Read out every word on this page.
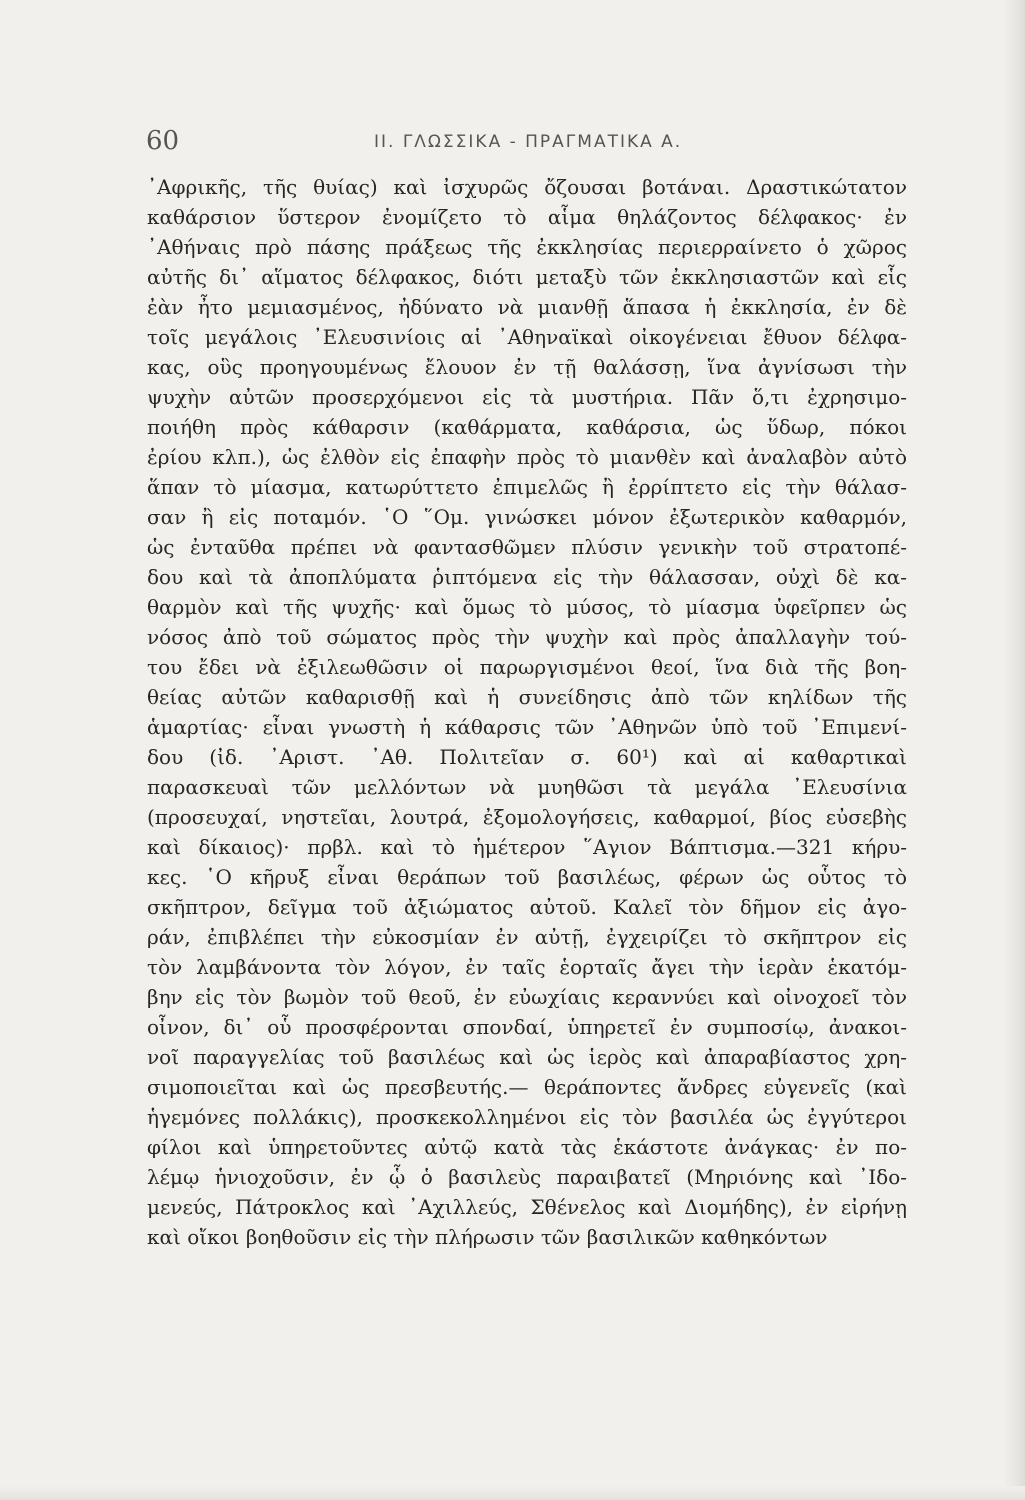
60	II. ΓΛΩΣΣΙΚΑ - ΠΡΑΓΜΑΤΙΚΑ Α.
᾿Αφρικῆς, τῆς θυίας) καὶ ἰσχυρῶς ὄζουσαι βοτάναι. Δραστικώτατον
καθάρσιον ὕστερον ἐνομίζετο τὸ αἷμα θηλάζοντος δέλφακος· ἐν
᾿Αθήναις πρὸ πάσης πράξεως τῆς ἐκκλησίας περιερραίνετο ὁ χῶρος
αὐτῆς δι᾿ αἵματος δέλφακος, διότι μεταξὺ τῶν ἐκκλησιαστῶν καὶ εἷς
ἐὰν ἦτο μεμιασμένος, ἠδύνατο νὰ μιανθῇ ἅπασα ἡ ἐκκλησία, ἐν δὲ
τοῖς μεγάλοις ᾿Ελευσινίοις αἱ ᾿Αθηναϊκαὶ οἰκογένειαι ἔθυον δέλφα-
κας, οὓς προηγουμένως ἔλουον ἐν τῇ θαλάσσῃ, ἵνα ἀγνίσωσι τὴν
ψυχὴν αὐτῶν προσερχόμενοι εἰς τὰ μυστήρια. Πᾶν ὅ,τι ἐχρησιμο-
ποιήθη πρὸς κάθαρσιν (καθάρματα, καθάρσια, ὡς ὕδωρ, πόκοι
ἐρίου κλπ.), ὡς ἐλθὸν εἰς ἐπαφὴν πρὸς τὸ μιανθὲν καὶ ἀναλαβὸν αὐτὸ
ἅπαν τὸ μίασμα, κατωρύττετο ἐπιμελῶς ἢ ἐρρίπτετο εἰς τὴν θάλασ-
σαν ἢ εἰς ποταμόν. ῾Ο ῞Ομ. γινώσκει μόνον ἐξωτερικὸν καθαρμόν,
ὡς ἐνταῦθα πρέπει νὰ φαντασθῶμεν πλύσιν γενικὴν τοῦ στρατοπέ-
δου καὶ τὰ ἀποπλύματα ῥιπτόμενα εἰς τὴν θάλασσαν, οὐχὶ δὲ κα-
θαρμὸν καὶ τῆς ψυχῆς· καὶ ὅμως τὸ μύσος, τὸ μίασμα ὑφεῖρπεν ὡς
νόσος ἀπὸ τοῦ σώματος πρὸς τὴν ψυχὴν καὶ πρὸς ἀπαλλαγὴν τού-
του ἔδει νὰ ἐξιλεωθῶσιν οἱ παρωργισμένοι θεοί, ἵνα διὰ τῆς βοη-
θείας αὐτῶν καθαρισθῇ καὶ ἡ συνείδησις ἀπὸ τῶν κηλίδων τῆς
ἁμαρτίας· εἶναι γνωστὴ ἡ κάθαρσις τῶν ᾿Αθηνῶν ὑπὸ τοῦ ᾿Επιμενί-
δου (ἰδ. ᾿Αριστ. ᾿Αθ. Πολιτεῖαν σ. 60¹) καὶ αἱ καθαρτικαὶ
παρασκευαὶ τῶν μελλόντων νὰ μυηθῶσι τὰ μεγάλα ᾿Ελευσίνια
(προσευχαί, νηστεῖαι, λουτρά, ἐξομολογήσεις, καθαρμοί, βίος εὐσεβὴς
καὶ δίκαιος)· πρβλ. καὶ τὸ ἡμέτερον ῞Αγιον Βάπτισμα.—321 κήρυ-
κες. ῾Ο κῆρυξ εἶναι θεράπων τοῦ βασιλέως, φέρων ὡς οὗτος τὸ
σκῆπτρον, δεῖγμα τοῦ ἀξιώματος αὐτοῦ. Καλεῖ τὸν δῆμον εἰς ἀγο-
ράν, ἐπιβλέπει τὴν εὐκοσμίαν ἐν αὐτῇ, ἐγχειρίζει τὸ σκῆπτρον εἰς
τὸν λαμβάνοντα τὸν λόγον, ἐν ταῖς ἑορταῖς ἄγει τὴν ἱερὰν ἑκατόμ-
βην εἰς τὸν βωμὸν τοῦ θεοῦ, ἐν εὐωχίαις κεραννύει καὶ οἰνοχοεῖ τὸν
οἶνον, δι᾿ οὗ προσφέρονται σπονδαί, ὑπηρετεῖ ἐν συμποσίῳ, ἀνακοι-
νοῖ παραγγελίας τοῦ βασιλέως καὶ ὡς ἱερὸς καὶ ἀπαραβίαστος χρη-
σιμοποιεῖται καὶ ὡς πρεσβευτής.— θεράποντες ἄνδρες εὐγενεῖς (καὶ
ἡγεμόνες πολλάκις), προσκεκολλημένοι εἰς τὸν βασιλέα ὡς ἐγγύτεροι
φίλοι καὶ ὑπηρετοῦντες αὐτῷ κατὰ τὰς ἑκάστοτε ἀνάγκας· ἐν πο-
λέμῳ ἡνιοχοῦσιν, ἐν ᾧ ὁ βασιλεὺς παραιβατεῖ (Μηριόνης καὶ ᾿Ιδο-
μενεύς, Πάτροκλος καὶ ᾿Αχιλλεύς, Σθένελος καὶ Διομήδης), ἐν εἰρήνῃ
καὶ οἴκοι βοηθοῦσιν εἰς τὴν πλήρωσιν τῶν βασιλικῶν καθηκόντων
